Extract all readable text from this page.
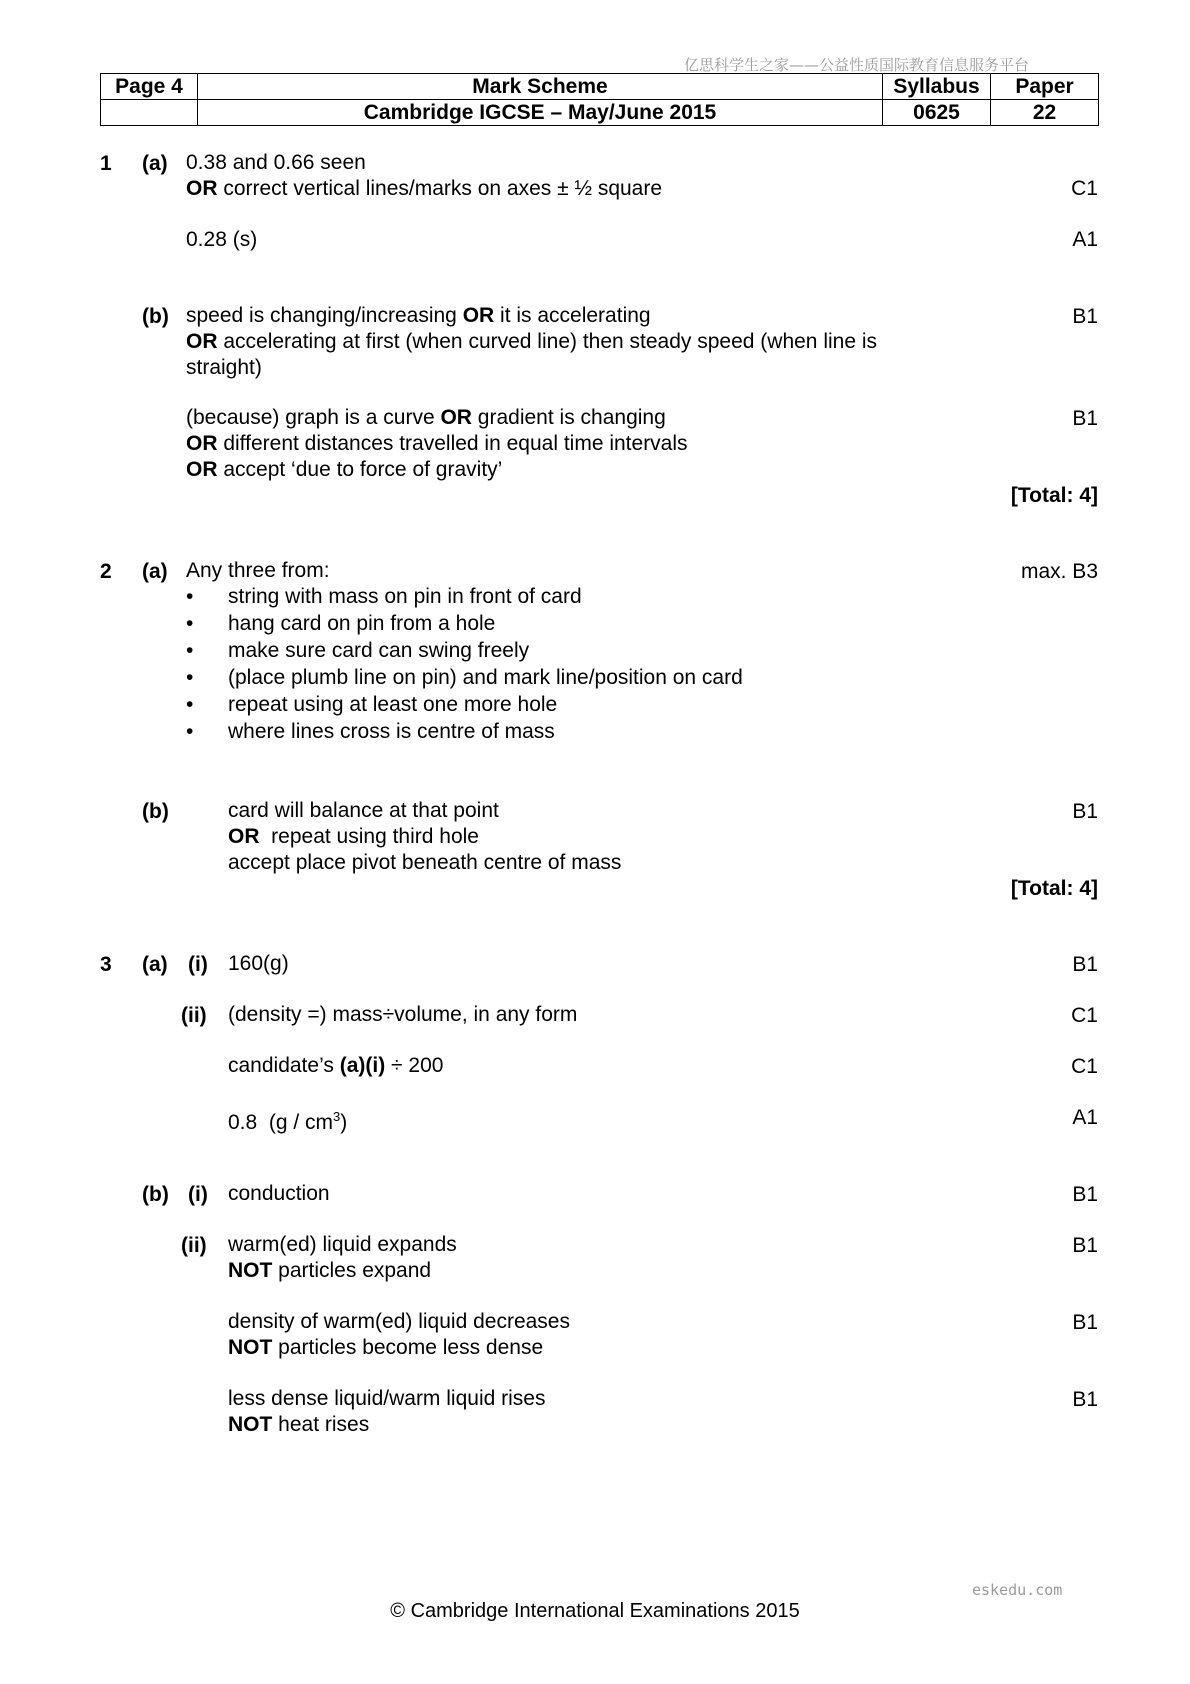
亿思科学生之家——公益性质国际教育信息服务平台
Page 4	Mark Scheme	Syllabus	Paper
	Cambridge IGCSE – May/June 2015	0625	22
1 (a) 0.38 and 0.66 seen
OR correct vertical lines/marks on axes ± ½ square	C1
0.28 (s)	A1
(b) speed is changing/increasing OR it is accelerating	B1
OR accelerating at first (when curved line) then steady speed (when line is
straight)
(because) graph is a curve OR gradient is changing	B1
OR different distances travelled in equal time intervals
OR accept ‘due to force of gravity’
[Total: 4]
2 (a) Any three from:	max. B3
• string with mass on pin in front of card
• hang card on pin from a hole
• make sure card can swing freely
• (place plumb line on pin) and mark line/position on card
• repeat using at least one more hole
• where lines cross is centre of mass
(b)	card will balance at that point	B1
OR  repeat using third hole
accept place pivot beneath centre of mass
[Total: 4]
3 (a) (i) 160(g)	B1
(ii) (density =) mass÷volume, in any form	C1
candidate’s (a)(i) ÷ 200	C1
0.8  $(g / cm^3)$	A1
(b) (i) conduction	B1
(ii) warm(ed) liquid expands	B1
NOT particles expand
density of warm(ed) liquid decreases	B1
NOT particles become less dense
less dense liquid/warm liquid rises	B1
NOT heat rises
eskedu.com
© Cambridge International Examinations 2015
